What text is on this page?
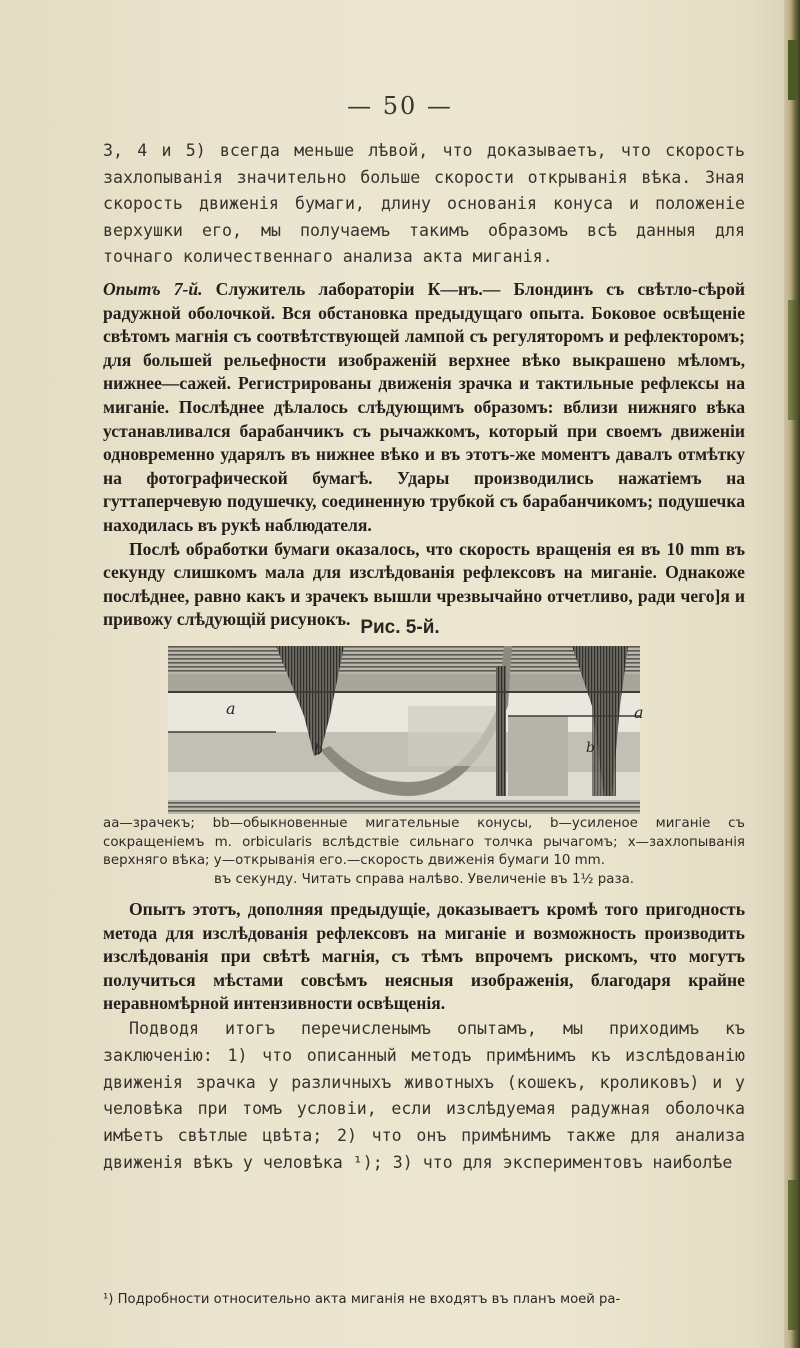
— 50 —
3, 4 и 5) всегда меньше лѣвой, что доказываетъ, что скорость захлопыванія значительно больше скорости открыванія вѣка. Зная скорость движенія бумаги, длину основанія конуса и положеніе верхушки его, мы получаемъ такимъ образомъ всѣ данныя для точнаго количественнаго анализа акта миганія.
Опытъ 7-й. Служитель лабораторіи К—нъ.— Блондинъ съ свѣтло-сѣрой радужной оболочкой. Вся обстановка предыдущаго опыта. Боковое освѣщеніе свѣтомъ магнія съ соотвѣтствующей лампой съ регуляторомъ и рефлекторомъ; для большей рельефности изображеній верхнее вѣко выкрашено мѣломъ, нижнее—сажей. Регистрированы движенія зрачка и тактильные рефлексы на миганіе. Послѣднее дѣлалось слѣдующимъ образомъ: вблизи нижняго вѣка устанавливался барабанчикъ съ рычажкомъ, который при своемъ движеніи одновременно ударялъ въ нижнее вѣко и въ этотъ-же моментъ давалъ отмѣтку на фотографической бумагѣ. Удары производились нажатіемъ на гуттаперчевую подушечку, соединенную трубкой съ барабанчикомъ; подушечка находилась въ рукѣ наблюдателя.
Послѣ обработки бумаги оказалось, что скорость вращенія ея въ 10 mm въ секунду слишкомъ мала для изслѣдованія рефлексовъ на миганіе. Однакоже послѣднее, равно какъ и зрачекъ вышли чрезвычайно отчетливо, ради чего]я и привожу слѣдующій рисунокъ. Рис. 5-й.
a	a
b	b
aa—зрачекъ; bb—обыкновенные мигательные конусы, b—усиленое миганіе съ сокращеніемъ m. orbicularis вслѣдствіе сильнаго толчка рычагомъ; x—захлопыванія верхняго вѣка; y—открыванія его.—скорость движенія бумаги 10 mm.
въ секунду. Читать справа налѣво. Увеличеніе въ 1½ раза.
Опытъ этотъ, дополняя предыдущіе, доказываетъ кромѣ того пригодность метода для изслѣдованія рефлексовъ на миганіе и возможность производить изслѣдованія при свѣтѣ магнія, съ тѣмъ впрочемъ рискомъ, что могутъ получиться мѣстами совсѣмъ неясныя изображенія, благодаря крайне неравномѣрной интензивности освѣщенія.
Подводя итогъ перечисленымъ опытамъ, мы приходимъ къ заключенію: 1) что описанный методъ примѣнимъ къ изслѣдованію движенія зрачка у различныхъ животныхъ (кошекъ, кроликовъ) и у человѣка при томъ условіи, если изслѣдуемая радужная оболочка имѣетъ свѣтлые цвѣта; 2) что онъ примѣнимъ также для анализа движенія вѣкъ у человѣка ¹); 3) что для экспериментовъ наиболѣе
¹) Подробности относительно акта миганія не входятъ въ планъ моей ра-
